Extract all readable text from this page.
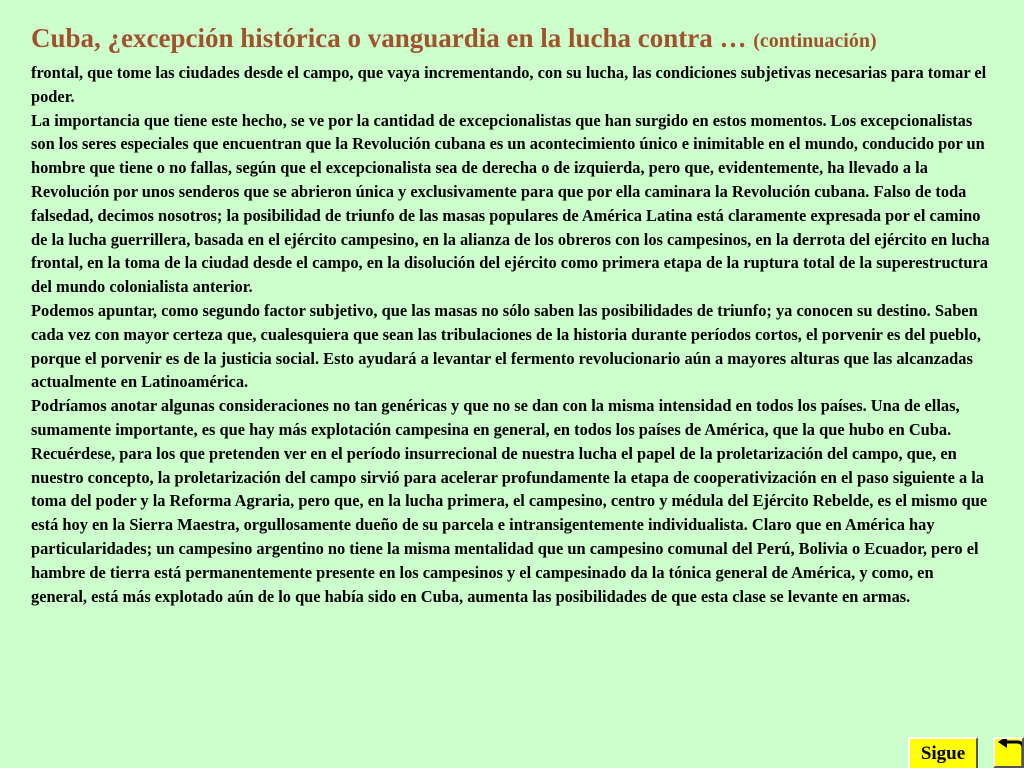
Cuba, ¿excepción histórica o vanguardia en la lucha contra … (continuación)

frontal, que tome las ciudades desde el campo, que vaya incrementando, con su lucha, las condiciones subjetivas necesarias para tomar el poder.

La importancia que tiene este hecho, se ve por la cantidad de excepcionalistas que han surgido en estos momentos. Los excepcionalistas son los seres especiales que encuentran que la Revolución cubana es un acontecimiento único e inimitable en el mundo, conducido por un hombre que tiene o no fallas, según que el excepcionalista sea de derecha o de izquierda, pero que, evidentemente, ha llevado a la Revolución por unos senderos que se abrieron única y exclusivamente para que por ella caminara la Revolución cubana. Falso de toda falsedad, decimos nosotros; la posibilidad de triunfo de las masas populares de América Latina está claramente expresada por el camino de la lucha guerrillera, basada en el ejército campesino, en la alianza de los obreros con los campesinos, en la derrota del ejército en lucha frontal, en la toma de la ciudad desde el campo, en la disolución del ejército como primera etapa de la ruptura total de la superestructura del mundo colonialista anterior.

Podemos apuntar, como segundo factor subjetivo, que las masas no sólo saben las posibilidades de triunfo; ya conocen su destino. Saben cada vez con mayor certeza que, cualesquiera que sean las tribulaciones de la historia durante períodos cortos, el porvenir es del pueblo, porque el porvenir es de la justicia social. Esto ayudará a levantar el fermento revolucionario aún a mayores alturas que las alcanzadas actualmente en Latinoamérica.

Podríamos anotar algunas consideraciones no tan genéricas y que no se dan con la misma intensidad en todos los países. Una de ellas, sumamente importante, es que hay más explotación campesina en general, en todos los países de América, que la que hubo en Cuba. Recuérdese, para los que pretenden ver en el período insurrecional de nuestra lucha el papel de la proletarización del campo, que, en nuestro concepto, la proletarización del campo sirvió para acelerar profundamente la etapa de cooperativización en el paso siguiente a la toma del poder y la Reforma Agraria, pero que, en la lucha primera, el campesino, centro y médula del Ejército Rebelde, es el mismo que está hoy en la Sierra Maestra, orgullosamente dueño de su parcela e intransigentemente individualista. Claro que en América hay particularidades; un campesino argentino no tiene la misma mentalidad que un campesino comunal del Perú, Bolivia o Ecuador, pero el hambre de tierra está permanentemente presente en los campesinos y el campesinado da la tónica general de América, y como, en general, está más explotado aún de lo que había sido en Cuba, aumenta las posibilidades de que esta clase se levante en armas.

Sigue
